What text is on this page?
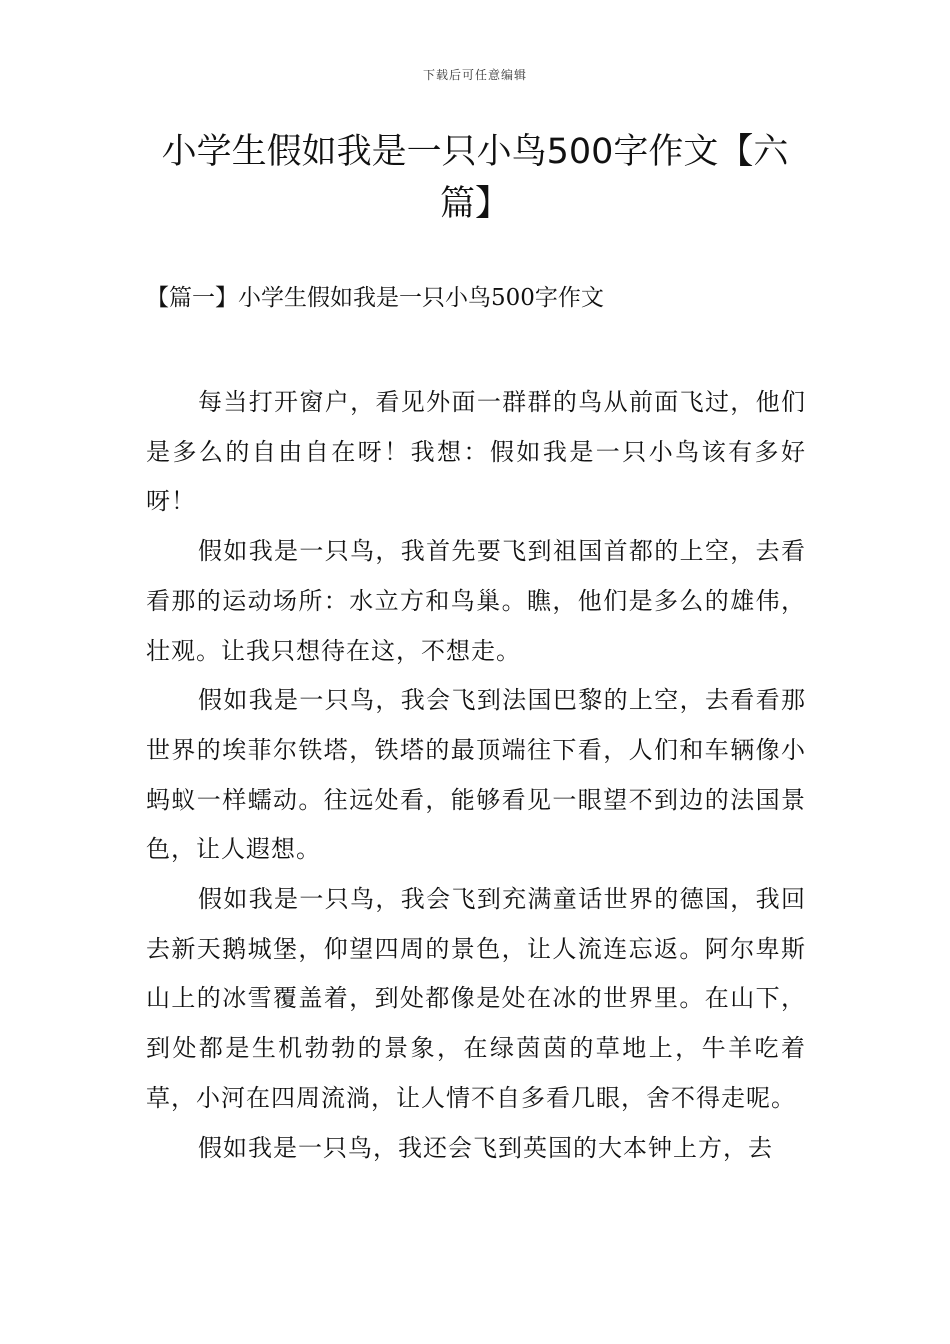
下载后可任意编辑
小学生假如我是一只小鸟500字作文【六篇】
【篇一】小学生假如我是一只小鸟500字作文

每当打开窗户，看见外面一群群的鸟从前面飞过，他们是多么的自由自在呀！我想：假如我是一只小鸟该有多好呀！

假如我是一只鸟，我首先要飞到祖国首都的上空，去看看那的运动场所：水立方和鸟巢。瞧，他们是多么的雄伟，壮观。让我只想待在这，不想走。

假如我是一只鸟，我会飞到法国巴黎的上空，去看看那世界的埃菲尔铁塔，铁塔的最顶端往下看，人们和车辆像小蚂蚁一样蠕动。往远处看，能够看见一眼望不到边的法国景色，让人遐想。

假如我是一只鸟，我会飞到充满童话世界的德国，我回去新天鹅城堡，仰望四周的景色，让人流连忘返。阿尔卑斯山上的冰雪覆盖着，到处都像是处在冰的世界里。在山下，到处都是生机勃勃的景象，在绿茵茵的草地上，牛羊吃着草，小河在四周流淌，让人情不自多看几眼，舍不得走呢。

假如我是一只鸟，我还会飞到英国的大本钟上方，去
